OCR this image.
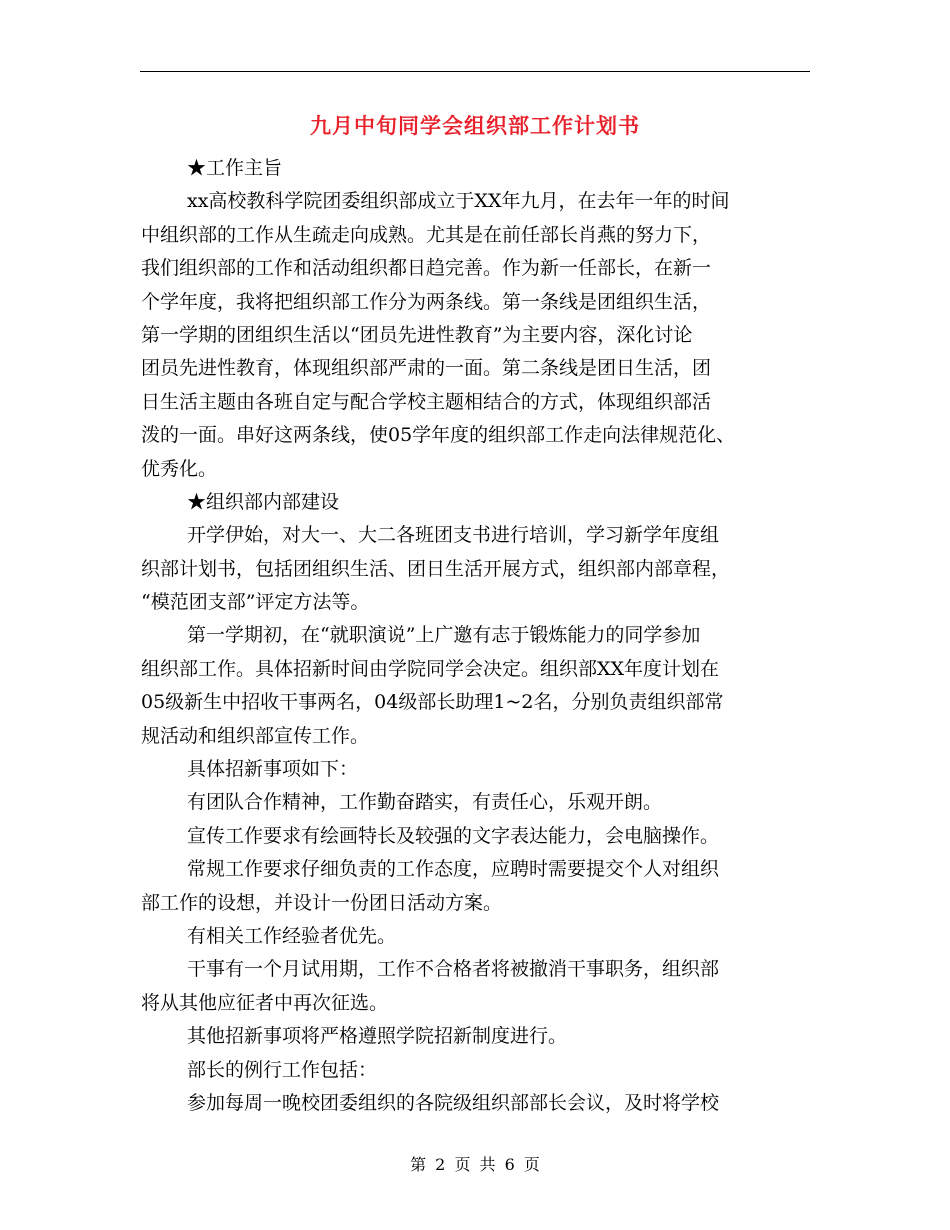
九月中旬同学会组织部工作计划书
★工作主旨
xx高校教科学院团委组织部成立于XX年九月，在去年一年的时间
中组织部的工作从生疏走向成熟。尤其是在前任部长肖燕的努力下，
我们组织部的工作和活动组织都日趋完善。作为新一任部长，在新一
个学年度，我将把组织部工作分为两条线。第一条线是团组织生活，
第一学期的团组织生活以“团员先进性教育”为主要内容，深化讨论
团员先进性教育，体现组织部严肃的一面。第二条线是团日生活，团
日生活主题由各班自定与配合学校主题相结合的方式，体现组织部活
泼的一面。串好这两条线，使05学年度的组织部工作走向法律规范化、
优秀化。
★组织部内部建设
开学伊始，对大一、大二各班团支书进行培训，学习新学年度组
织部计划书，包括团组织生活、团日生活开展方式，组织部内部章程，
“模范团支部”评定方法等。
第一学期初，在“就职演说”上广邀有志于锻炼能力的同学参加
组织部工作。具体招新时间由学院同学会决定。组织部XX年度计划在
05级新生中招收干事两名，04级部长助理1~2名，分别负责组织部常
规活动和组织部宣传工作。
具体招新事项如下：
有团队合作精神，工作勤奋踏实，有责任心，乐观开朗。
宣传工作要求有绘画特长及较强的文字表达能力，会电脑操作。
常规工作要求仔细负责的工作态度，应聘时需要提交个人对组织
部工作的设想，并设计一份团日活动方案。
有相关工作经验者优先。
干事有一个月试用期，工作不合格者将被撤消干事职务，组织部
将从其他应征者中再次征选。
其他招新事项将严格遵照学院招新制度进行。
部长的例行工作包括：
参加每周一晚校团委组织的各院级组织部部长会议，及时将学校
第 2 页 共 6 页
